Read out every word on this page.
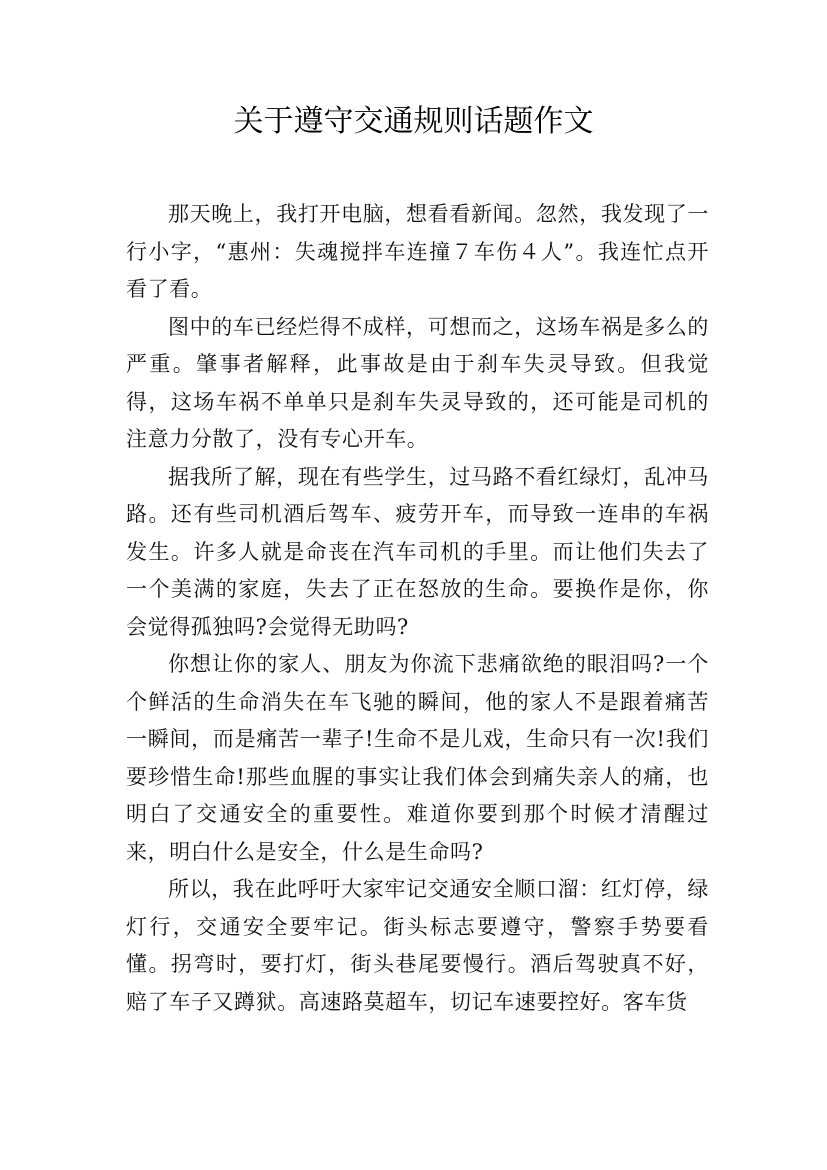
关于遵守交通规则话题作文

那天晚上，我打开电脑，想看看新闻。忽然，我发现了一行小字，“惠州：失魂搅拌车连撞７车伤４人”。我连忙点开看了看。

图中的车已经烂得不成样，可想而之，这场车祸是多么的严重。肇事者解释，此事故是由于刹车失灵导致。但我觉得，这场车祸不单单只是刹车失灵导致的，还可能是司机的注意力分散了，没有专心开车。

据我所了解，现在有些学生，过马路不看红绿灯，乱冲马路。还有些司机酒后驾车、疲劳开车，而导致一连串的车祸发生。许多人就是命丧在汽车司机的手里。而让他们失去了一个美满的家庭，失去了正在怒放的生命。要换作是你，你会觉得孤独吗?会觉得无助吗?

你想让你的家人、朋友为你流下悲痛欲绝的眼泪吗?一个个鲜活的生命消失在车飞驰的瞬间，他的家人不是跟着痛苦一瞬间，而是痛苦一辈子!生命不是儿戏，生命只有一次!我们要珍惜生命!那些血腥的事实让我们体会到痛失亲人的痛，也明白了交通安全的重要性。难道你要到那个时候才清醒过来，明白什么是安全，什么是生命吗?

所以，我在此呼吁大家牢记交通安全顺口溜：红灯停，绿灯行，交通安全要牢记。街头标志要遵守，警察手势要看懂。拐弯时，要打灯，街头巷尾要慢行。酒后驾驶真不好，赔了车子又蹲狱。高速路莫超车，切记车速要控好。客车货
